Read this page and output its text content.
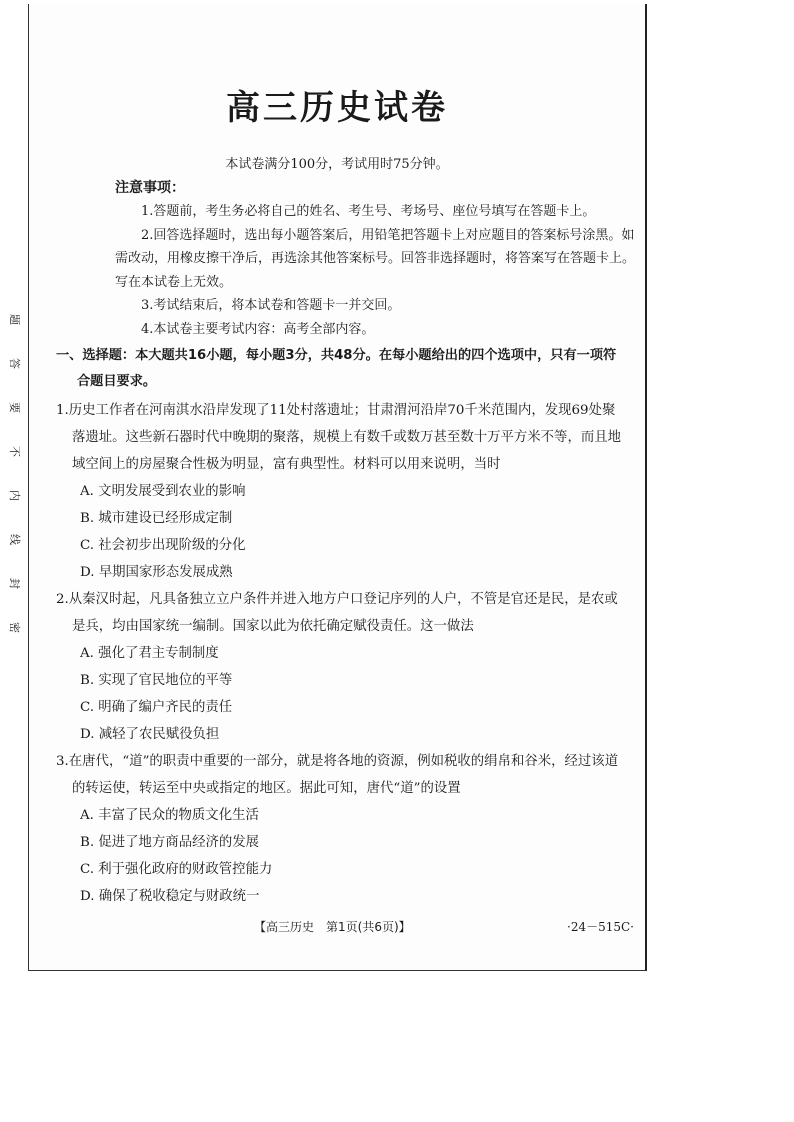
题
答
要
不
内
线
封
密
高三历史试卷
本试卷满分100分，考试用时75分钟。
注意事项：

1.答题前，考生务必将自己的姓名、考生号、考场号、座位号填写在答题卡上。

2.回答选择题时，选出每小题答案后，用铅笔把答题卡上对应题目的答案标号涂黑。如需改动，用橡皮擦干净后，再选涂其他答案标号。回答非选择题时，将答案写在答题卡上。写在本试卷上无效。

3.考试结束后，将本试卷和答题卡一并交回。

4.本试卷主要考试内容：高考全部内容。

一、选择题：本大题共16小题，每小题3分，共48分。在每小题给出的四个选项中，只有一项符
合题目要求。

1.历史工作者在河南淇水沿岸发现了11处村落遗址；甘肃渭河沿岸70千米范围内，发现69处聚落遗址。这些新石器时代中晚期的聚落，规模上有数千或数万甚至数十万平方米不等，而且地域空间上的房屋聚合性极为明显，富有典型性。材料可以用来说明，当时

A. 文明发展受到农业的影响

B. 城市建设已经形成定制

C. 社会初步出现阶级的分化

D. 早期国家形态发展成熟

2.从秦汉时起，凡具备独立立户条件并进入地方户口登记序列的人户，不管是官还是民，是农或是兵，均由国家统一编制。国家以此为依托确定赋役责任。这一做法

A. 强化了君主专制制度

B. 实现了官民地位的平等

C. 明确了编户齐民的责任

D. 减轻了农民赋役负担

3.在唐代，“道”的职责中重要的一部分，就是将各地的资源，例如税收的绢帛和谷米，经过该道的转运使，转运至中央或指定的地区。据此可知，唐代“道”的设置

A. 丰富了民众的物质文化生活

B. 促进了地方商品经济的发展

C. 利于强化政府的财政管控能力

D. 确保了税收稳定与财政统一

【高三历史　第1页(共6页)】	·24－515C·
